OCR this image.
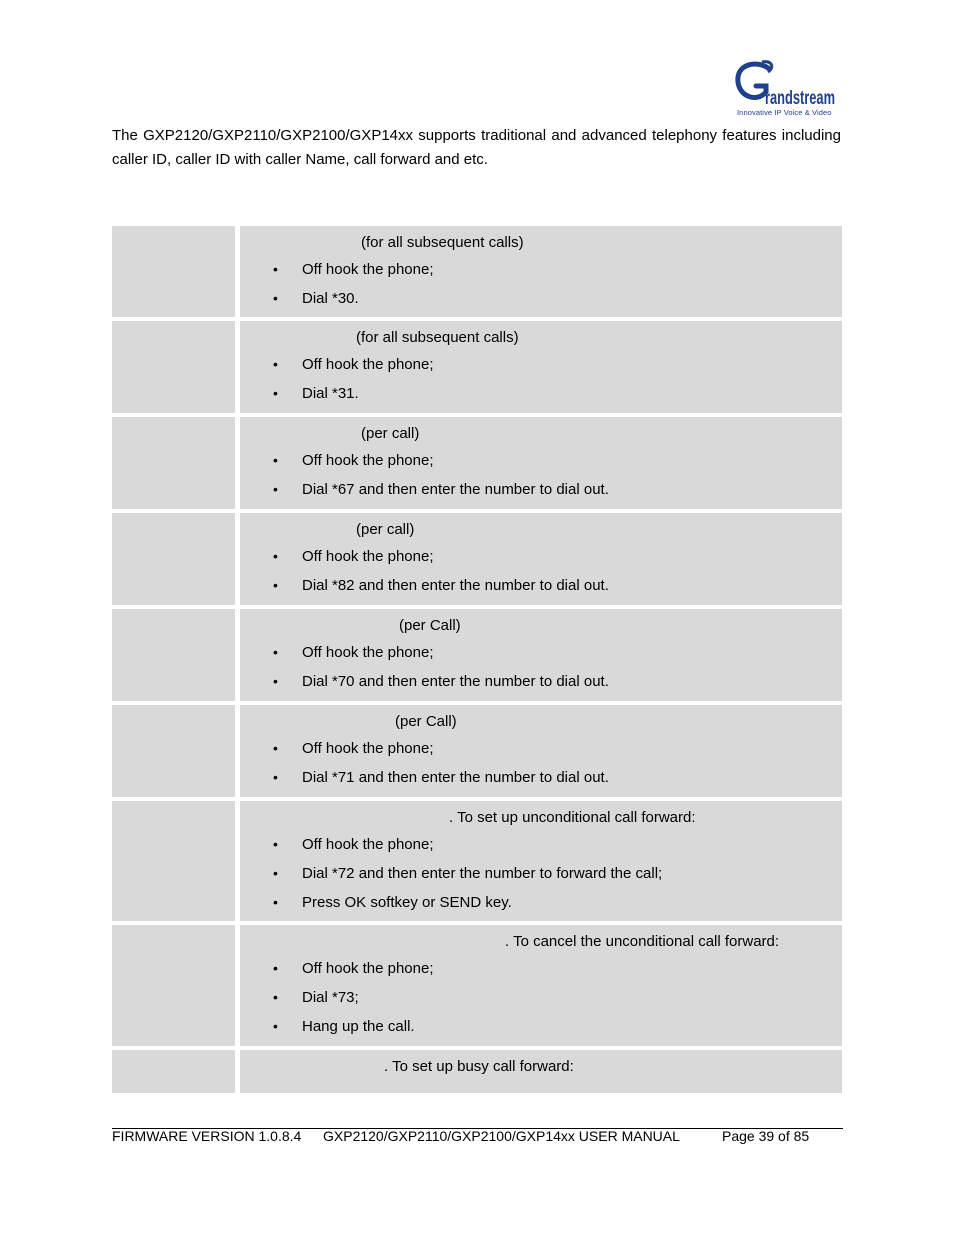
randstream
Innovative IP Voice & Video
The GXP2120/GXP2110/GXP2100/GXP14xx supports traditional and advanced telephony features including caller ID, caller ID with caller Name, call forward and etc.
(for all subsequent calls)
• Off hook the phone;
• Dial *30.
(for all subsequent calls)
• Off hook the phone;
• Dial *31.
(per call)
• Off hook the phone;
• Dial *67 and then enter the number to dial out.
(per call)
• Off hook the phone;
• Dial *82 and then enter the number to dial out.
(per Call)
• Off hook the phone;
• Dial *70 and then enter the number to dial out.
(per Call)
• Off hook the phone;
• Dial *71 and then enter the number to dial out.
. To set up unconditional call forward:
• Off hook the phone;
• Dial *72 and then enter the number to forward the call;
• Press OK softkey or SEND key.
. To cancel the unconditional call forward:
• Off hook the phone;
• Dial *73;
• Hang up the call.
. To set up busy call forward:
FIRMWARE VERSION 1.0.8.4 GXP2120/GXP2110/GXP2100/GXP14xx USER MANUAL	Page 39 of 85
